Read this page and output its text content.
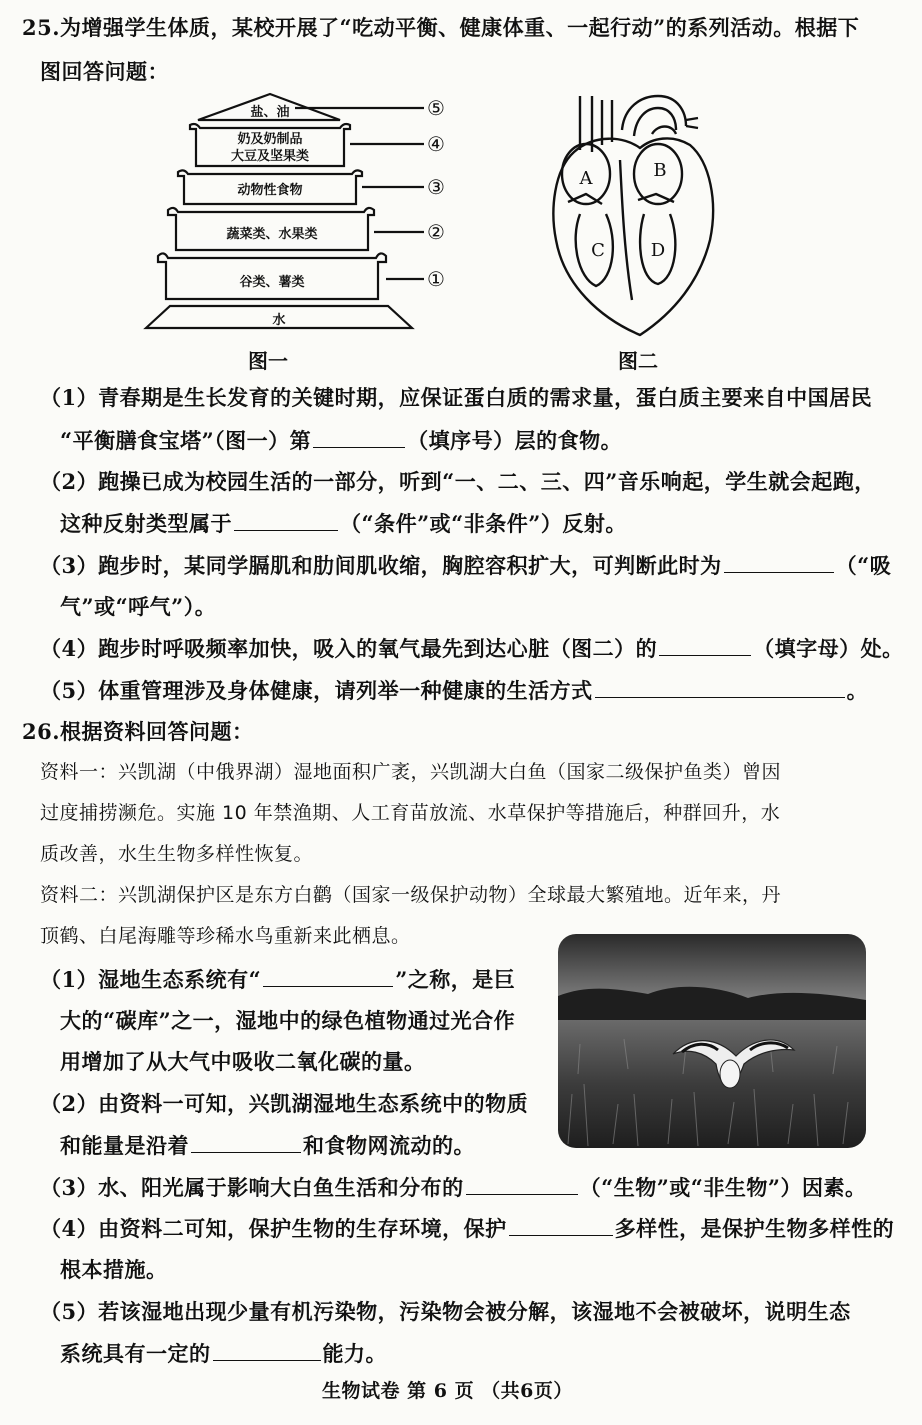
25.为增强学生体质，某校开展了“吃动平衡、健康体重、一起行动”的系列活动。根据下
图回答问题：
盐、油
奶及奶制品
大豆及坚果类
动物性食物
蔬菜类、水果类
谷类、薯类
水
⑤
④
③
②
①
A	B
C	D
图一	图二
（1）青春期是生长发育的关键时期，应保证蛋白质的需求量，蛋白质主要来自中国居民
“平衡膳食宝塔”（图一）第	（填序号）层的食物。
（2）跑操已成为校园生活的一部分，听到“一、二、三、四”音乐响起，学生就会起跑，
这种反射类型属于	（“条件”或“非条件”）反射。
（3）跑步时，某同学膈肌和肋间肌收缩，胸腔容积扩大，可判断此时为	（“吸
气”或“呼气”）。
（4）跑步时呼吸频率加快，吸入的氧气最先到达心脏（图二）的	（填字母）处。
（5）体重管理涉及身体健康，请列举一种健康的生活方式	。
26.根据资料回答问题：
资料一：兴凯湖（中俄界湖）湿地面积广袤，兴凯湖大白鱼（国家二级保护鱼类）曾因
过度捕捞濒危。实施 10 年禁渔期、人工育苗放流、水草保护等措施后，种群回升，水
质改善，水生生物多样性恢复。
资料二：兴凯湖保护区是东方白鹳（国家一级保护动物）全球最大繁殖地。近年来，丹
顶鹤、白尾海雕等珍稀水鸟重新来此栖息。
（1）湿地生态系统有“	”之称，是巨
大的“碳库”之一，湿地中的绿色植物通过光合作
用增加了从大气中吸收二氧化碳的量。
（2）由资料一可知，兴凯湖湿地生态系统中的物质
和能量是沿着	和食物网流动的。
（3）水、阳光属于影响大白鱼生活和分布的	（“生物”或“非生物”）因素。
（4）由资料二可知，保护生物的生存环境，保护	多样性，是保护生物多样性的
根本措施。
（5）若该湿地出现少量有机污染物，污染物会被分解，该湿地不会被破坏，说明生态
系统具有一定的	能力。
生物试卷 第 6 页 （共6页）
